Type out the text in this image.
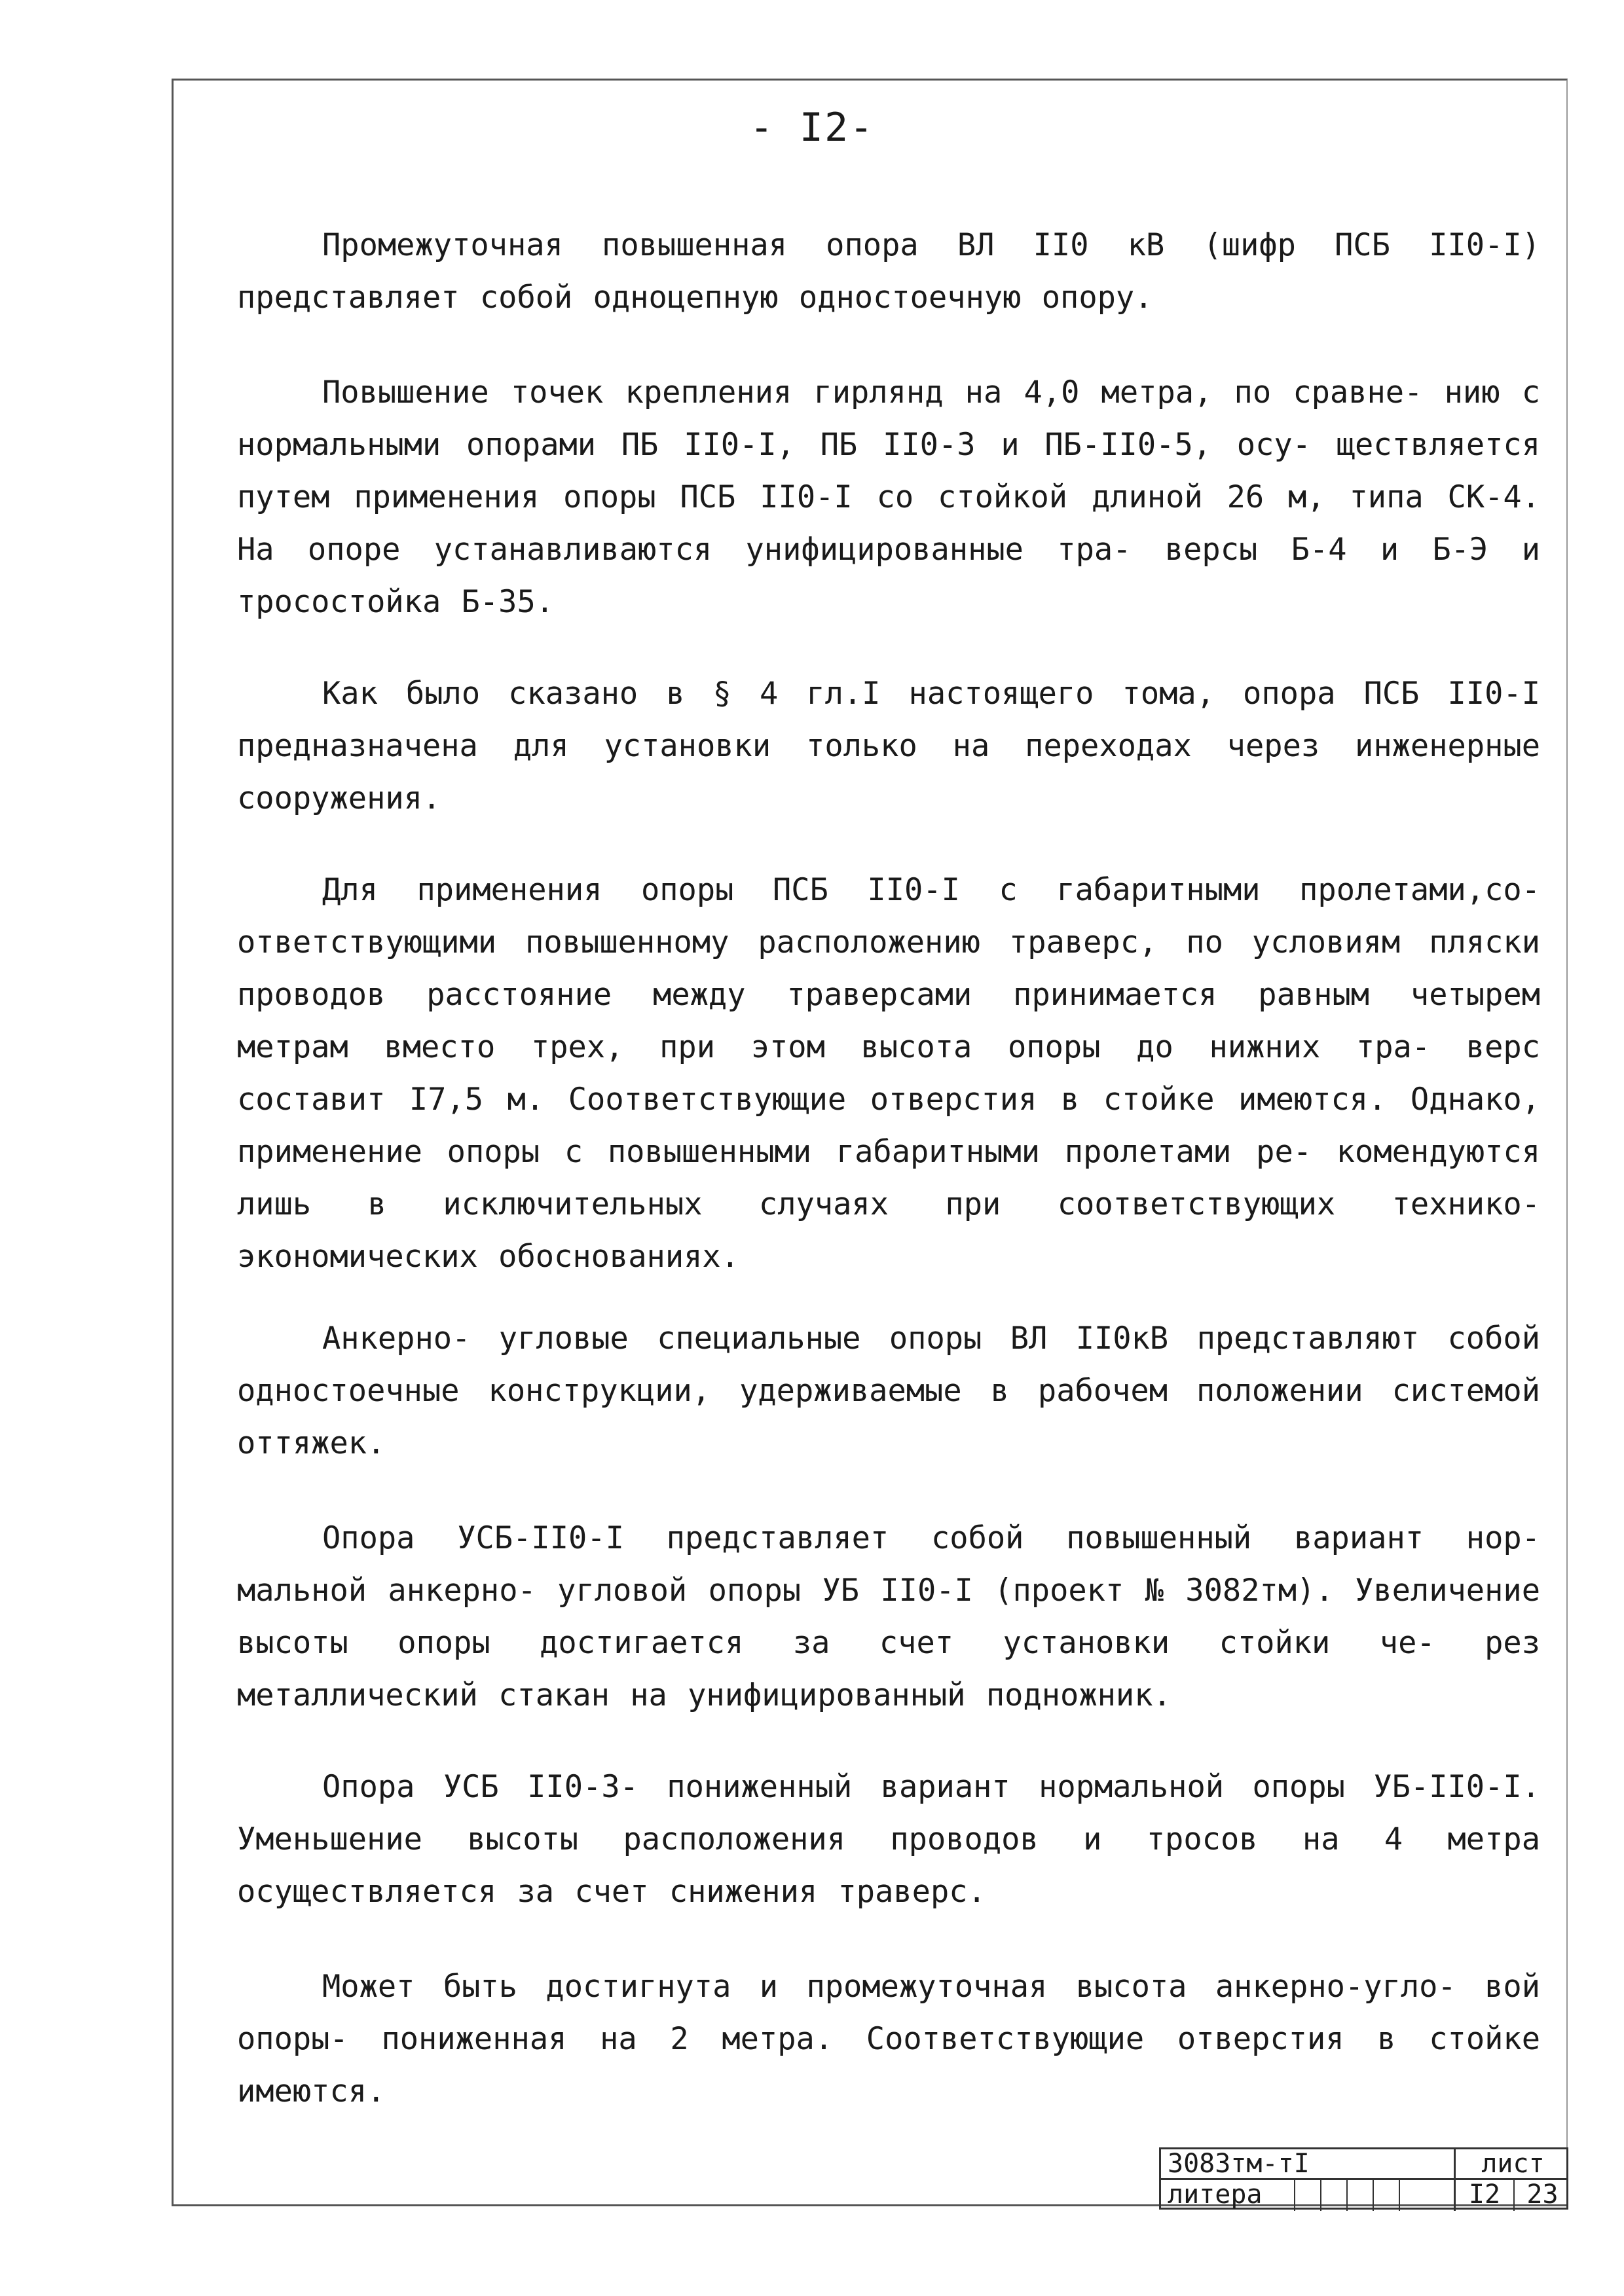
- I2-

Промежуточная повышенная опора ВЛ II0 кВ (шифр ПСБ II0-I) представляет собой одноцепную одностоечную опору.

Повышение точек крепления гирлянд на 4,0 метра, по сравне- нию с нормальными опорами ПБ II0-I, ПБ II0-3 и ПБ-II0-5, осу- ществляется путем применения опоры ПСБ II0-I со стойкой длиной 26 м, типа СК-4. На опоре устанавливаются унифицированные тра- версы Б-4 и Б-Э и тросостойка Б-35.

Как было сказано в § 4 гл.I настоящего тома, опора ПСБ II0-I предназначена для установки только на переходах через инженерные сооружения.

Для применения опоры ПСБ II0-I с габаритными пролетами,со- ответствующими повышенному расположению траверс, по условиям пляски проводов расстояние между траверсами принимается равным четырем метрам вместо трех, при этом высота опоры до нижних тра- верс составит I7,5 м. Соответствующие отверстия в стойке имеются. Однако, применение опоры с повышенными габаритными пролетами ре- комендуются лишь в исключительных случаях при соответствующих технико- экономических обоснованиях.

Анкерно- угловые специальные опоры ВЛ II0кВ представляют собой одностоечные конструкции, удерживаемые в рабочем положении системой оттяжек.

Опора УСБ-II0-I представляет собой повышенный вариант нор- мальной анкерно- угловой опоры УБ II0-I (проект № 3082тм). Увеличение высоты опоры достигается за счет установки стойки че- рез металлический стакан на унифицированный подножник.

Опора УСБ II0-3- пониженный вариант нормальной опоры УБ-II0-I. Уменьшение высоты расположения проводов и тросов на 4 метра осуществляется за счет снижения траверс.

Может быть достигнута и промежуточная высота анкерно-угло- вой опоры- пониженная на 2 метра. Соответствующие отверстия в стойке имеются.

3083тм-тI	лист
литера	I2	23
